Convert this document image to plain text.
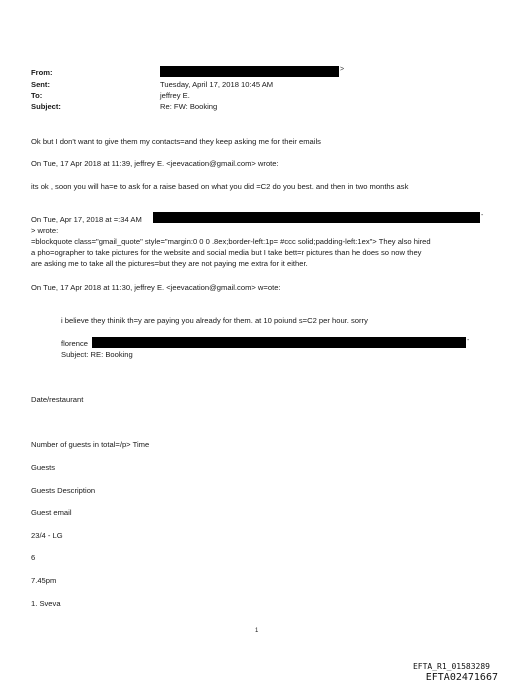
From:
Sent:
To:
Subject:
>
Tuesday, April 17, 2018 10:45 AM
jeffrey E.
Re: FW: Booking
Ok but I don't want to give them my contacts=and they keep asking me for their emails
On Tue, 17 Apr 2018 at 11:39, jeffrey E. <jeevacation@gmail.com> wrote:
its ok , soon you will ha=e to ask for a raise based on what you did =C2 do you best. and then in two months ask
On Tue, Apr 17, 2018 at =:34 AM	-
> wrote:
=blockquote class="gmail_quote" style="margin:0 0 0 .8ex;border-left:1p= #ccc solid;padding-left:1ex"> They also hired
a pho=ographer to take pictures for the website and social media but I take bett=r pictures than he does so now they
are asking me to take all the pictures=but they are not paying me extra for it either.
On Tue, 17 Apr 2018 at 11:30, jeffrey E. <jeevacation@gmail.com> w=ote:
i believe they thinik th=y are paying you already for them. at 10 poiund s=C2 per hour. sorry
florence	-
Subject: RE: Booking
Date/restaurant
Number of guests in total=/p> Time
Guests
Guests Description
Guest email
23/4 - LG
6
7.45pm
1. Sveva
1
EFTA_R1_01583289
EFTA02471667
